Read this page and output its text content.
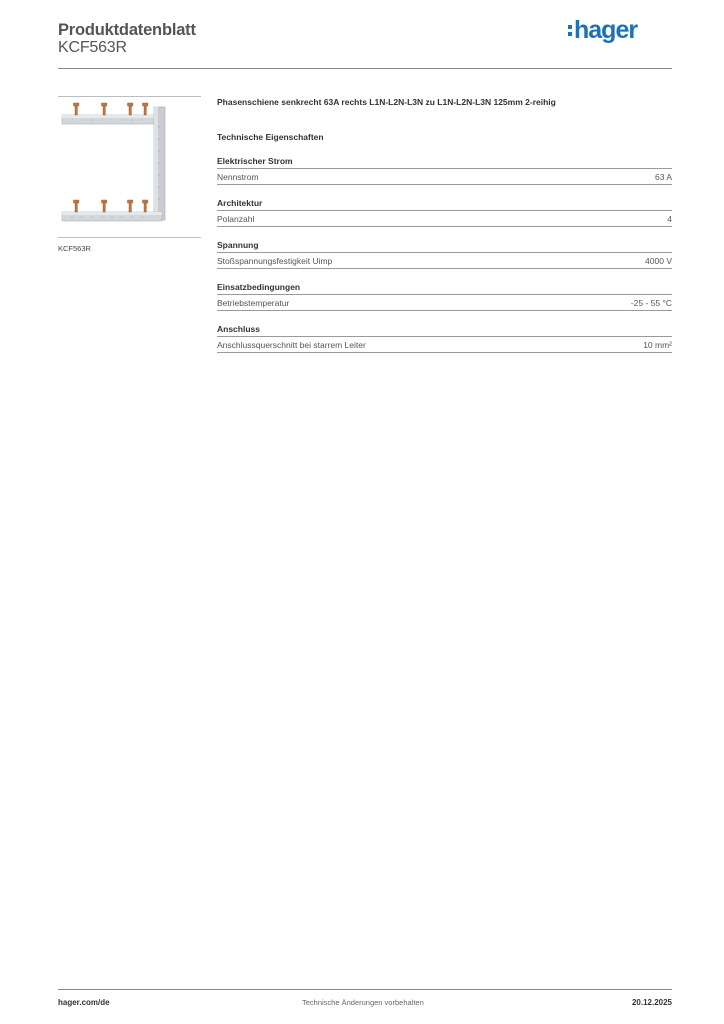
Produktdatenblatt
KCF563R
hager
KCF563R

Phasenschiene senkrecht 63A rechts L1N-L2N-L3N zu L1N-L2N-L3N 125mm 2-reihig

Technische Eigenschaften
Elektrischer Strom
Nennstrom	63 A
Architektur
Polanzahl	4
Spannung
Stoßspannungsfestigkeit Uimp	4000 V
Einsatzbedingungen
Betriebstemperatur	-25 - 55 °C
Anschluss
Anschlussquerschnitt bei starrem Leiter	10 mm²
hager.com/de	Technische Änderungen vorbehalten	20.12.2025
